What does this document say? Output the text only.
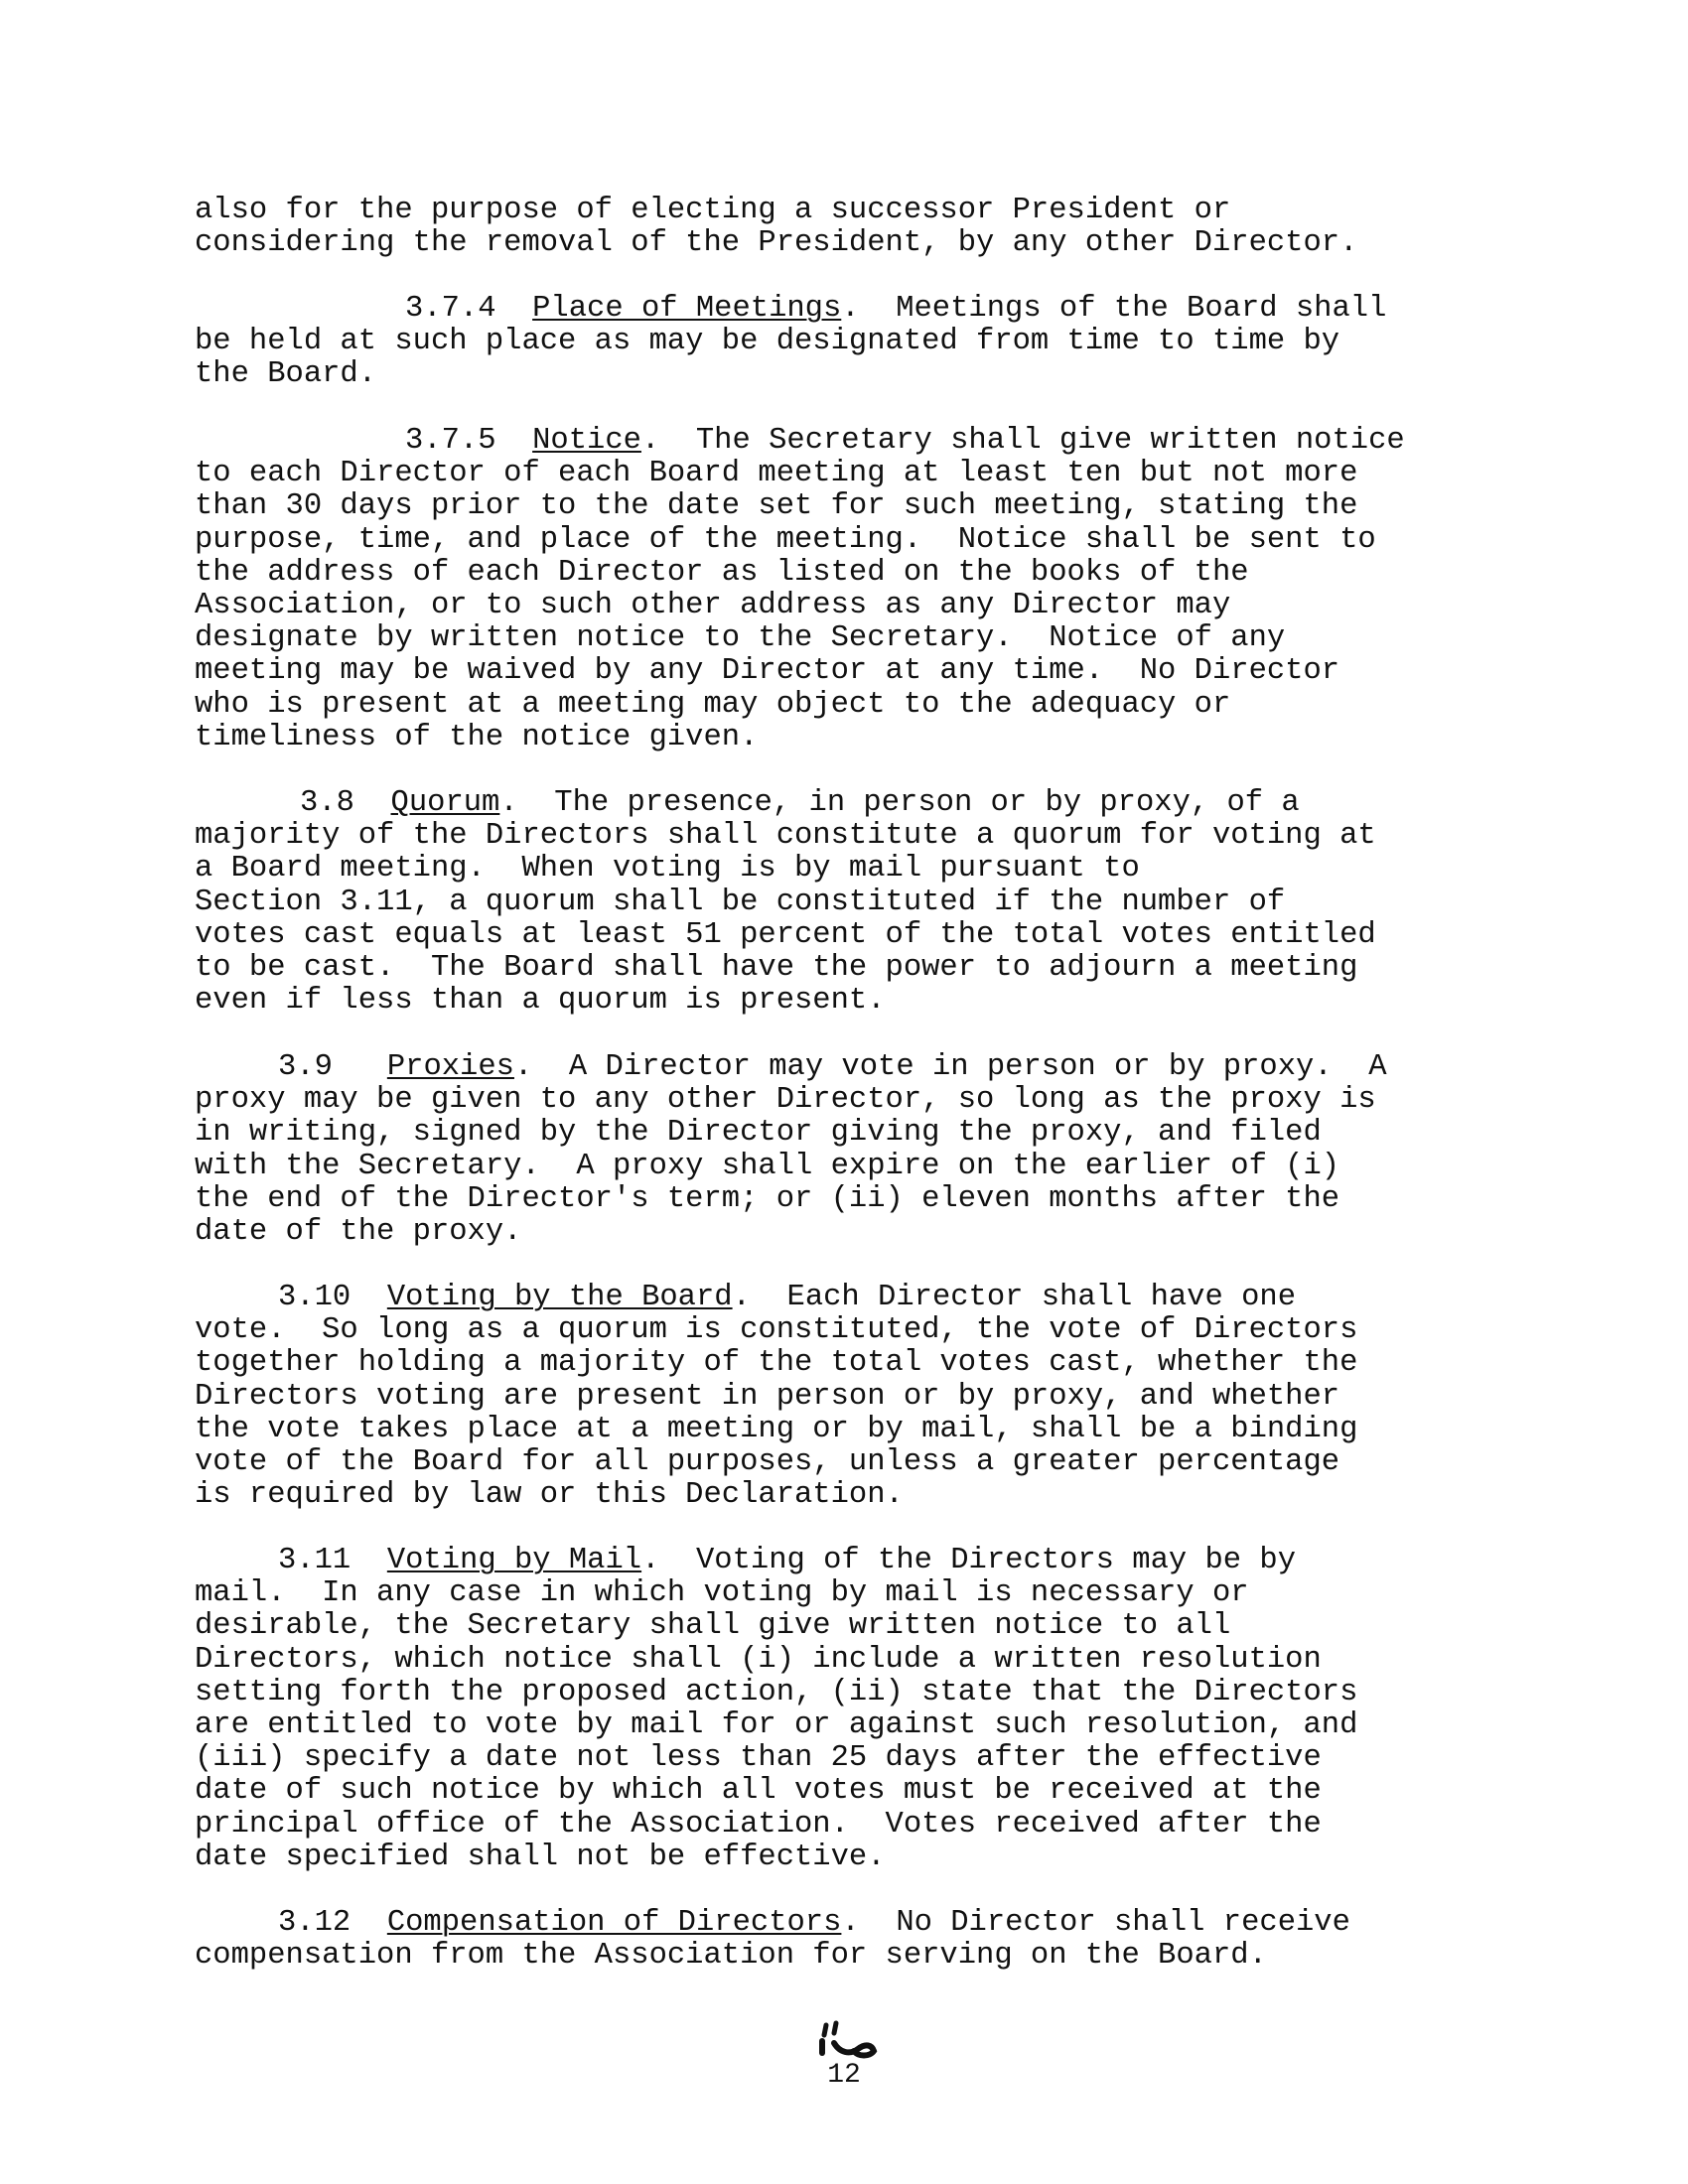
also for the purpose of electing a successor President or
considering the removal of the President, by any other Director.
3.7.4 Place of Meetings.  Meetings of the Board shall
be held at such place as may be designated from time to time by
the Board.
3.7.5 Notice.  The Secretary shall give written notice
to each Director of each Board meeting at least ten but not more
than 30 days prior to the date set for such meeting, stating the
purpose, time, and place of the meeting.  Notice shall be sent to
the address of each Director as listed on the books of the
Association, or to such other address as any Director may
designate by written notice to the Secretary.  Notice of any
meeting may be waived by any Director at any time.  No Director
who is present at a meeting may object to the adequacy or
timeliness of the notice given.
3.8 Quorum.  The presence, in person or by proxy, of a
majority of the Directors shall constitute a quorum for voting at
a Board meeting.  When voting is by mail pursuant to
Section 3.11, a quorum shall be constituted if the number of
votes cast equals at least 51 percent of the total votes entitled
to be cast.  The Board shall have the power to adjourn a meeting
even if less than a quorum is present.
3.9 Proxies.  A Director may vote in person or by proxy.  A
proxy may be given to any other Director, so long as the proxy is
in writing, signed by the Director giving the proxy, and filed
with the Secretary.  A proxy shall expire on the earlier of (i)
the end of the Director's term; or (ii) eleven months after the
date of the proxy.
3.10 Voting by the Board.  Each Director shall have one
vote.  So long as a quorum is constituted, the vote of Directors
together holding a majority of the total votes cast, whether the
Directors voting are present in person or by proxy, and whether
the vote takes place at a meeting or by mail, shall be a binding
vote of the Board for all purposes, unless a greater percentage
is required by law or this Declaration.
3.11 Voting by Mail.  Voting of the Directors may be by
mail.  In any case in which voting by mail is necessary or
desirable, the Secretary shall give written notice to all
Directors, which notice shall (i) include a written resolution
setting forth the proposed action, (ii) state that the Directors
are entitled to vote by mail for or against such resolution, and
(iii) specify a date not less than 25 days after the effective
date of such notice by which all votes must be received at the
principal office of the Association.  Votes received after the
date specified shall not be effective.
3.12 Compensation of Directors.  No Director shall receive
compensation from the Association for serving on the Board.
12
